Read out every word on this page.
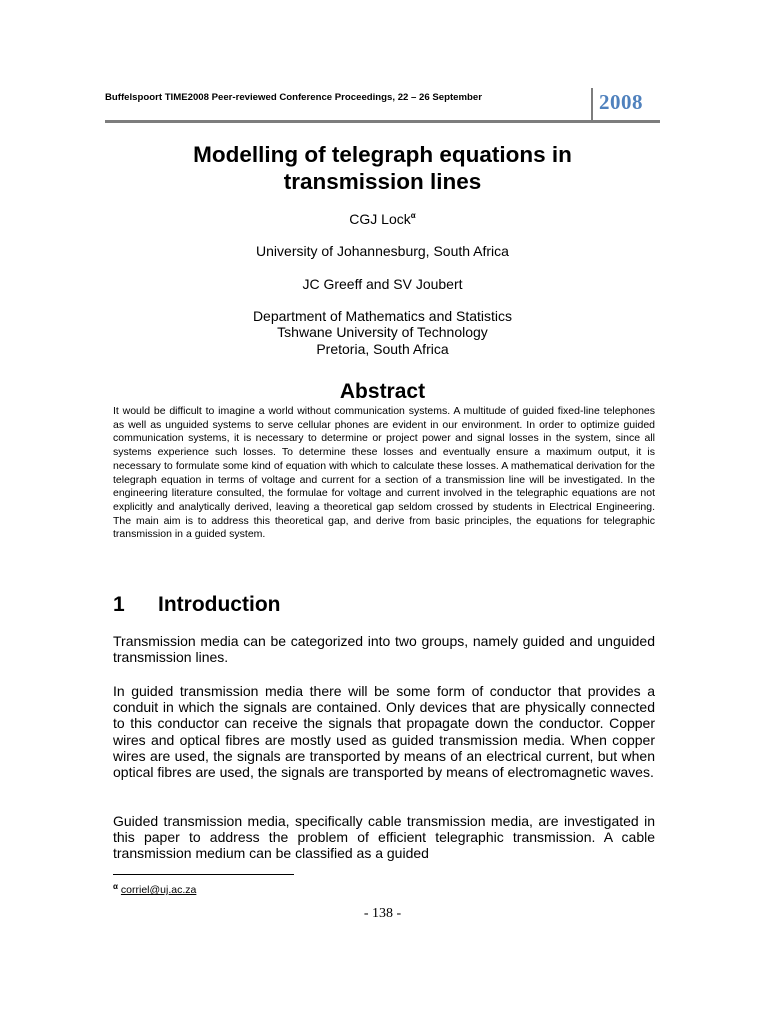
Buffelspoort TIME2008 Peer-reviewed Conference Proceedings, 22 – 26 September	2008
Modelling of telegraph equations in
transmission lines
CGJ Lock$^\alpha$
University of Johannesburg, South Africa
JC Greeff and SV Joubert
Department of Mathematics and Statistics
Tshwane University of Technology
Pretoria, South Africa
Abstract

It would be difficult to imagine a world without communication systems. A multitude of guided fixed-line telephones as well as unguided systems to serve cellular phones are evident in our environment. In order to optimize guided communication systems, it is necessary to determine or project power and signal losses in the system, since all systems experience such losses. To determine these losses and eventually ensure a maximum output, it is necessary to formulate some kind of equation with which to calculate these losses. A mathematical derivation for the telegraph equation in terms of voltage and current for a section of a transmission line will be investigated. In the engineering literature consulted, the formulae for voltage and current involved in the telegraphic equations are not explicitly and analytically derived, leaving a theoretical gap seldom crossed by students in Electrical Engineering. The main aim is to address this theoretical gap, and derive from basic principles, the equations for telegraphic transmission in a guided system.

1 Introduction

Transmission media can be categorized into two groups, namely guided and unguided transmission lines.

In guided transmission media there will be some form of conductor that provides a conduit in which the signals are contained. Only devices that are physically connected to this conductor can receive the signals that propagate down the conductor. Copper wires and optical fibres are mostly used as guided transmission media. When copper wires are used, the signals are transported by means of an electrical current, but when optical fibres are used, the signals are transported by means of electromagnetic waves.

Guided transmission media, specifically cable transmission media, are investigated in this paper to address the problem of efficient telegraphic transmission. A cable transmission medium can be classified as a guided

$^\alpha$ corriel@uj.ac.za
- 138 -
